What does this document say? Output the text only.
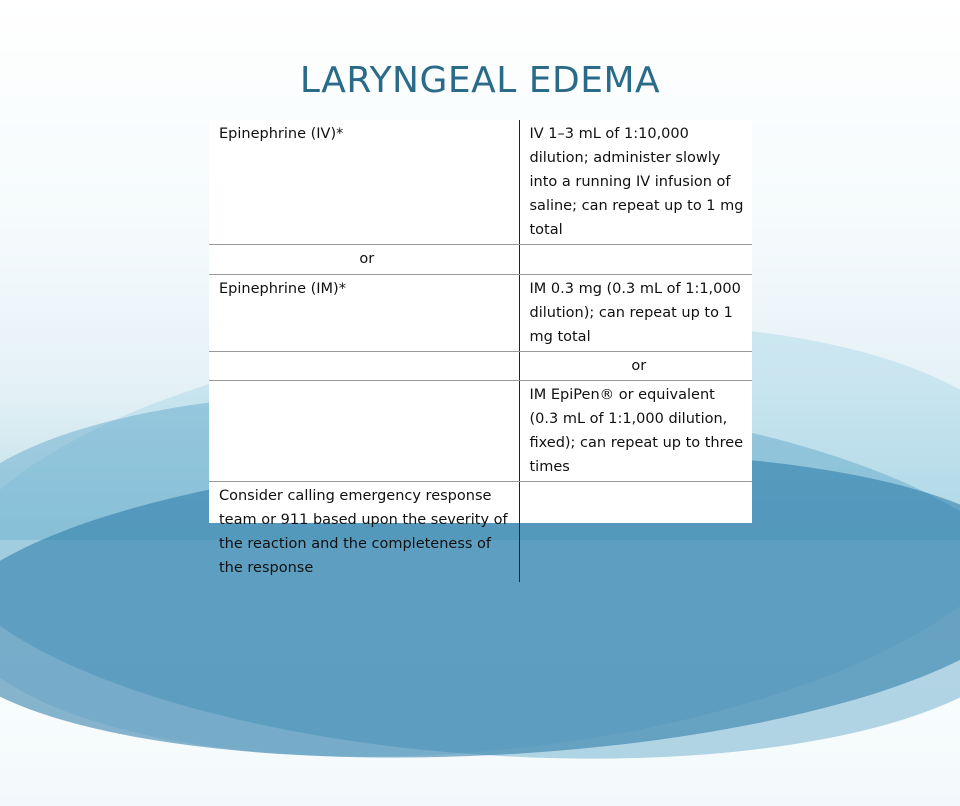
LARYNGEAL EDEMA
Epinephrine (IV)*	IV 1–3 mL of 1:10,000 dilution; administer slowly into a running IV infusion of saline; can repeat up to 1 mg total
or	
Epinephrine (IM)*	IM 0.3 mg (0.3 mL of 1:1,000 dilution); can repeat up to 1 mg total
	or
	IM EpiPen® or equivalent (0.3 mL of 1:1,000 dilution, fixed); can repeat up to three times
Consider calling emergency response team or 911 based upon the severity of the reaction and the completeness of the response	
